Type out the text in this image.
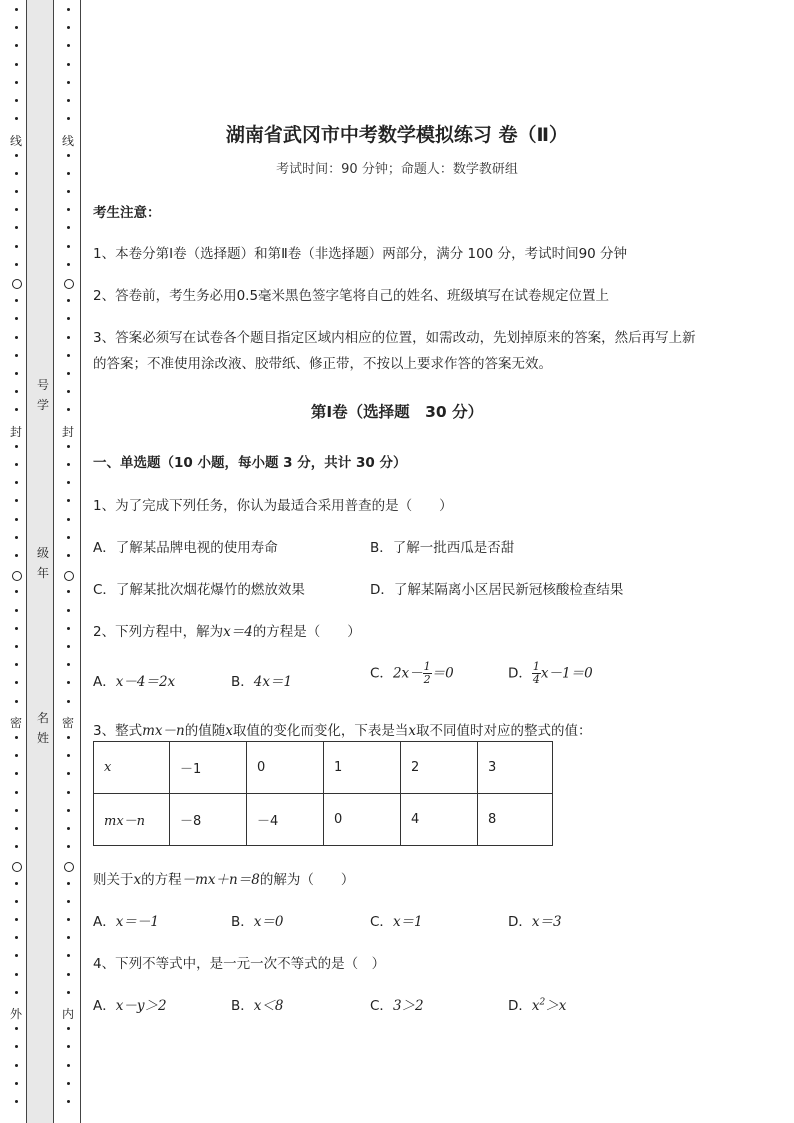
线
封
密
外
线
封
密
内
号
学
级
年
名
姓
湖南省武冈市中考数学模拟练习 卷（Ⅱ）
考试时间：90 分钟；命题人：数学教研组
考生注意：
1、本卷分第Ⅰ卷（选择题）和第Ⅱ卷（非选择题）两部分，满分 100 分，考试时间90 分钟
2、答卷前，考生务必用0.5毫米黑色签字笔将自己的姓名、班级填写在试卷规定位置上
3、答案必须写在试卷各个题目指定区域内相应的位置，如需改动，先划掉原来的答案，然后再写上新
的答案；不准使用涂改液、胶带纸、修正带，不按以上要求作答的答案无效。
第Ⅰ卷（选择题　30 分）
一、单选题（10 小题，每小题 3 分，共计 30 分）
1、为了完成下列任务，你认为最适合采用普查的是（　　）
A．了解某品牌电视的使用寿命	B．了解一批西瓜是否甜
C．了解某批次烟花爆竹的燃放效果	D．了解某隔离小区居民新冠核酸检查结果
2、下列方程中，解为x＝4的方程是（　　）
A．x－4＝2x	B．4x＝1
C．$2x- \frac{1}{2} =0$	D． $\frac{1}{4} x-1=0$
3、整式mx－n的值随x取值的变化而变化，下表是当x取不同值时对应的整式的值：
x	－1	0	1	2	3
mx－n	－8	－4	0	4	8
则关于x的方程－mx＋n＝8的解为（　　）
A．x＝－1	B．x＝0	C．x＝1	D．x＝3
4、下列不等式中，是一元一次不等式的是（　）
A．x－y＞2	B．x＜8	C．3＞2	D．$x^2>x$
